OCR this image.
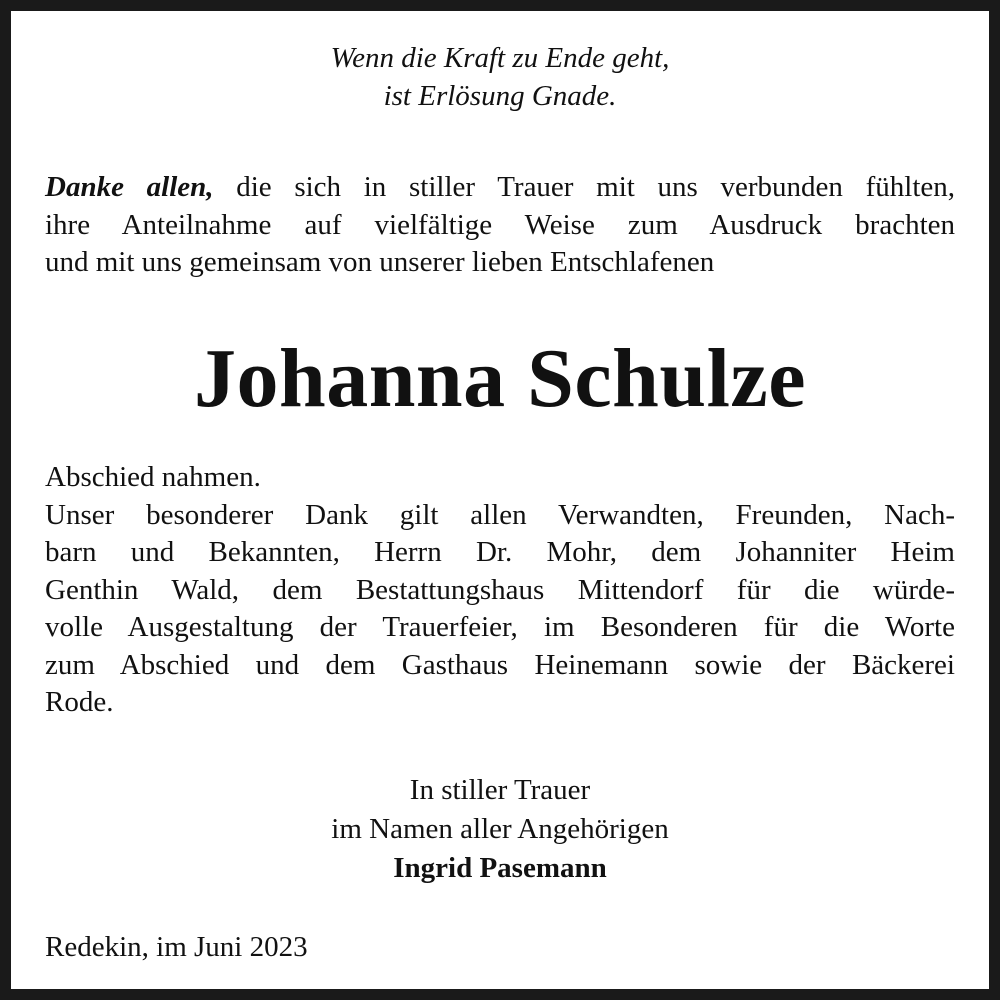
Wenn die Kraft zu Ende geht,
ist Erlösung Gnade.
Danke allen, die sich in stiller Trauer mit uns verbunden fühlten,
ihre Anteilnahme auf vielfältige Weise zum Ausdruck brachten
und mit uns gemeinsam von unserer lieben Entschlafenen
Johanna Schulze
Abschied nahmen.
Unser besonderer Dank gilt allen Verwandten, Freunden, Nach-
barn und Bekannten, Herrn Dr. Mohr, dem Johanniter Heim
Genthin Wald, dem Bestattungshaus Mittendorf für die würde-
volle Ausgestaltung der Trauerfeier, im Besonderen für die Worte
zum Abschied und dem Gasthaus Heinemann sowie der Bäckerei
Rode.
In stiller Trauer
im Namen aller Angehörigen
Ingrid Pasemann
Redekin, im Juni 2023
